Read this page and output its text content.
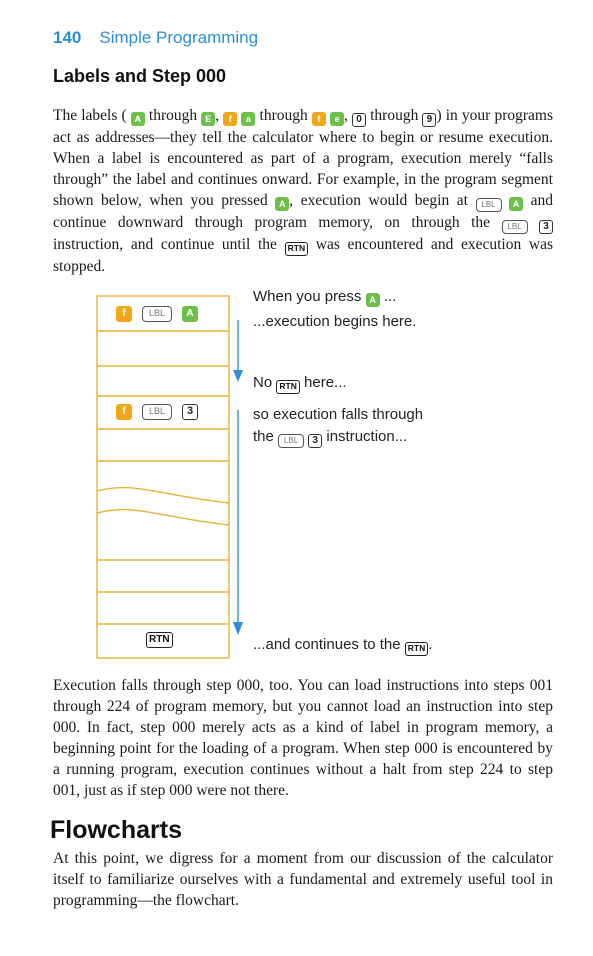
140 Simple Programming
Labels and Step 000
The labels ( A through E , f a through f e , 0 through 9 ) in your programs act as addresses—they tell the calculator where to begin or resume execution. When a label is encountered as part of a program, execution merely “falls through” the label and continues onward. For example, in the program segment shown below, when you pressed A , execution would begin at LBL A and continue downward through program memory, on through the LBL 3 instruction, and continue until the RTN was encountered and execution was stopped.
f	LBL	A
f	LBL	3
RTN
When you press A ...
...execution begins here.
No RTN here...
so execution falls through
the LBL 3 instruction...
...and continues to the RTN .
Execution falls through step 000, too. You can load instructions into steps 001 through 224 of program memory, but you cannot load an instruction into step 000. In fact, step 000 merely acts as a kind of label in program memory, a beginning point for the loading of a program. When step 000 is encountered by a running program, execution continues without a halt from step 224 to step 001, just as if step 000 were not there.
Flowcharts
At this point, we digress for a moment from our discussion of the calculator itself to familiarize ourselves with a fundamental and extremely useful tool in programming—the flowchart.
